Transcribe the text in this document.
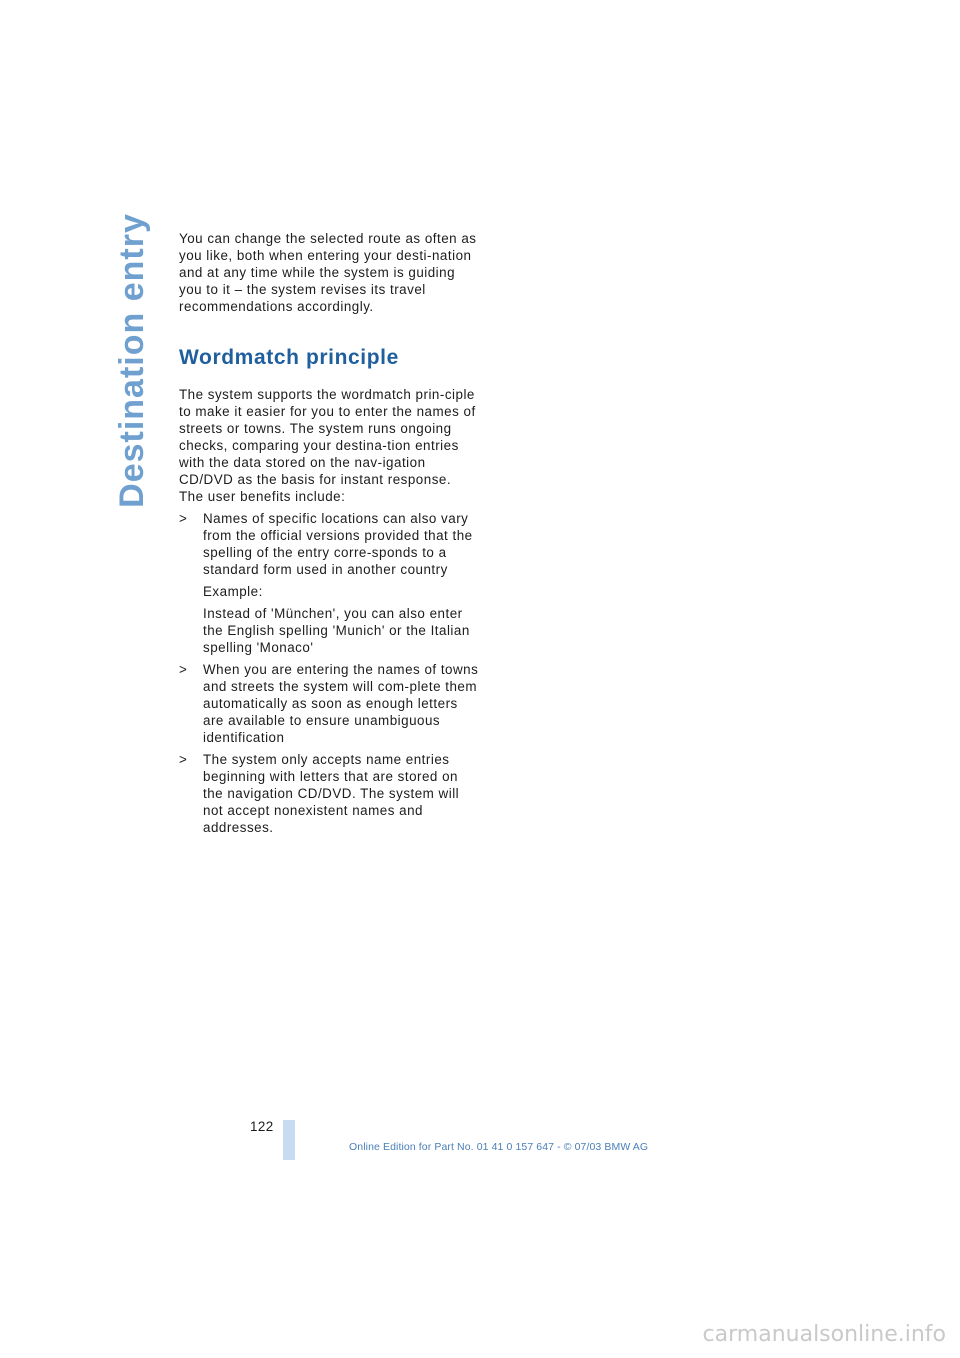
Destination entry You can change the selected route as often as you like, both when entering your desti-nation and at any time while the system is guiding you to it – the system revises its travel recommendations accordingly.

Wordmatch principle

The system supports the wordmatch prin-ciple to make it easier for you to enter the names of streets or towns. The system runs ongoing checks, comparing your destina-tion entries with the data stored on the nav-igation CD/DVD as the basis for instant response. The user benefits include:

> Names of specific locations can also vary from the official versions provided that the spelling of the entry corre-sponds to a standard form used in another country

Example:

Instead of 'München', you can also enter the English spelling 'Munich' or the Italian spelling 'Monaco'

> When you are entering the names of towns and streets the system will com-plete them automatically as soon as enough letters are available to ensure unambiguous identification

> The system only accepts name entries beginning with letters that are stored on the navigation CD/DVD. The system will not accept nonexistent names and addresses.

122
Online Edition for Part No. 01 41 0 157 647 - © 07/03 BMW AG
carmanualsonline.info
